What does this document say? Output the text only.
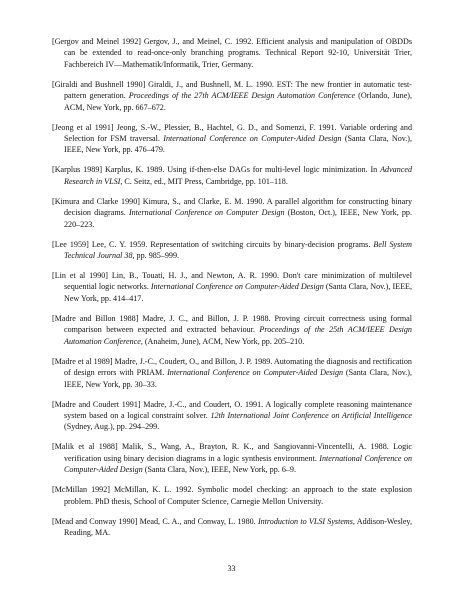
[Gergov and Meinel 1992] Gergov, J., and Meinel, C. 1992. Efficient analysis and manipulation of OBDDs can be extended to read-once-only branching programs. Technical Report 92-10, Universität Trier, Fachbereich IV—Mathematik/Informatik, Trier, Germany.

[Giraldi and Bushnell 1990] Giraldi, J., and Bushnell, M. L. 1990. EST: The new frontier in automatic test-pattern generation. Proceedings of the 27th ACM/IEEE Design Automation Conference (Orlando, June), ACM, New York, pp. 667–672.

[Jeong et al 1991] Jeong, S.-W., Plessier, B., Hachtel, G. D., and Somenzi, F. 1991. Variable ordering and Selection for FSM traversal. International Conference on Computer-Aided Design (Santa Clara, Nov.), IEEE, New York, pp. 476–479.

[Karplus 1989] Karplus, K. 1989. Using if-then-else DAGs for multi-level logic minimization. In Advanced Research in VLSI, C. Seitz, ed., MIT Press, Cambridge, pp. 101–118.

[Kimura and Clarke 1990] Kimura, S., and Clarke, E. M. 1990. A parallel algorithm for constructing binary decision diagrams. International Conference on Computer Design (Boston, Oct.), IEEE, New York, pp. 220–223.

[Lee 1959] Lee, C. Y. 1959. Representation of switching circuits by binary-decision programs. Bell System Technical Journal 38, pp. 985–999.

[Lin et al 1990] Lin, B., Touati, H. J., and Newton, A. R. 1990. Don't care minimization of multilevel sequential logic networks. International Conference on Computer-Aided Design (Santa Clara, Nov.), IEEE, New York, pp. 414–417.

[Madre and Billon 1988] Madre, J. C., and Billon, J. P. 1988. Proving circuit correctness using formal comparison between expected and extracted behaviour. Proceedings of the 25th ACM/IEEE Design Automation Conference, (Anaheim, June), ACM, New York, pp. 205–210.

[Madre et al 1989] Madre, J.-C., Coudert, O., and Billon, J. P. 1989. Automating the diagnosis and rectification of design errors with PRIAM. International Conference on Computer-Aided Design (Santa Clara, Nov.), IEEE, New York, pp. 30–33.

[Madre and Coudert 1991] Madre, J.-C., and Coudert, O. 1991. A logically complete reasoning maintenance system based on a logical constraint solver. 12th International Joint Conference on Artificial Intelligence (Sydney, Aug.), pp. 294–299.

[Malik et al 1988] Malik, S., Wang, A., Brayton, R. K., and Sangiovanni-Vincentelli, A. 1988. Logic verification using binary decision diagrams in a logic synthesis environment. International Conference on Computer-Aided Design (Santa Clara, Nov.), IEEE, New York, pp. 6–9.

[McMillan 1992] McMillan, K. L. 1992. Symbolic model checking: an approach to the state explosion problem. PhD thesis, School of Computer Science, Carnegie Mellon University.

[Mead and Conway 1990] Mead, C. A., and Conway, L. 1980. Introduction to VLSI Systems, Addison-Wesley, Reading, MA.

33
